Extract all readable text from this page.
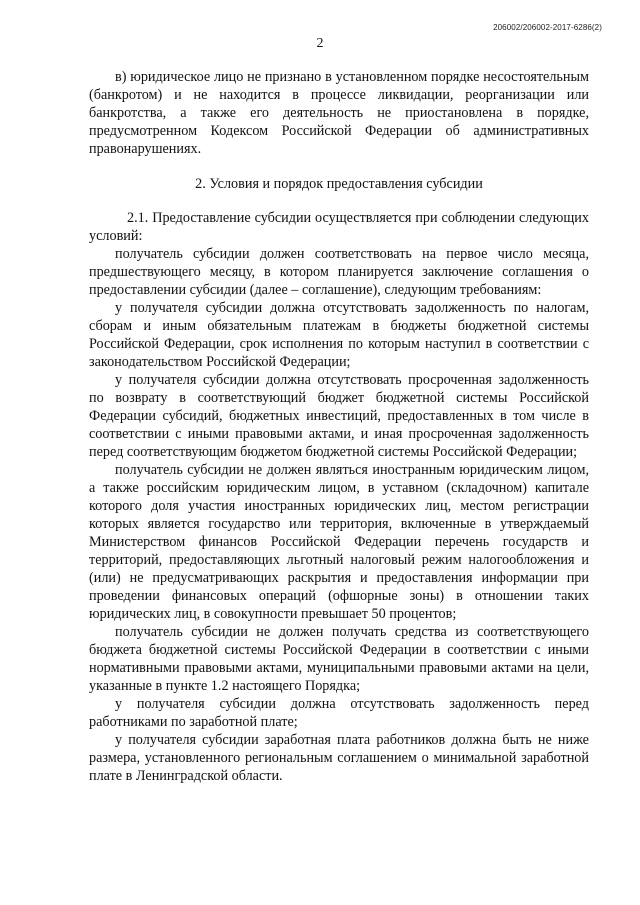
206002/206002-2017-6286(2)
2

в) юридическое лицо не признано в установленном порядке несостоятельным (банкротом) и не находится в процессе ликвидации, реорганизации или банкротства, а также его деятельность не приостановлена в порядке, предусмотренном Кодексом Российской Федерации об административных правонарушениях.

2. Условия и порядок предоставления субсидии

2.1. Предоставление субсидии осуществляется при соблюдении следующих условий:

получатель субсидии должен соответствовать на первое число месяца, предшествующего месяцу, в котором планируется заключение соглашения о предоставлении субсидии (далее – соглашение), следующим требованиям:

у получателя субсидии должна отсутствовать задолженность по налогам, сборам и иным обязательным платежам в бюджеты бюджетной системы Российской Федерации, срок исполнения по которым наступил в соответствии с законодательством Российской Федерации;

у получателя субсидии должна отсутствовать просроченная задолженность по возврату в соответствующий бюджет бюджетной системы Российской Федерации субсидий, бюджетных инвестиций, предоставленных в том числе в соответствии с иными правовыми актами, и иная просроченная задолженность перед соответствующим бюджетом бюджетной системы Российской Федерации;

получатель субсидии не должен являться иностранным юридическим лицом, а также российским юридическим лицом, в уставном (складочном) капитале которого доля участия иностранных юридических лиц, местом регистрации которых является государство или территория, включенные в утверждаемый Министерством финансов Российской Федерации перечень государств и территорий, предоставляющих льготный налоговый режим налогообложения и (или) не предусматривающих раскрытия и предоставления информации при проведении финансовых операций (офшорные зоны) в отношении таких юридических лиц, в совокупности превышает 50 процентов;

получатель субсидии не должен получать средства из соответствующего бюджета бюджетной системы Российской Федерации в соответствии с иными нормативными правовыми актами, муниципальными правовыми актами на цели, указанные в пункте 1.2 настоящего Порядка;

у получателя субсидии должна отсутствовать задолженность перед работниками по заработной плате;

у получателя субсидии заработная плата работников должна быть не ниже размера, установленного региональным соглашением о минимальной заработной плате в Ленинградской области.
